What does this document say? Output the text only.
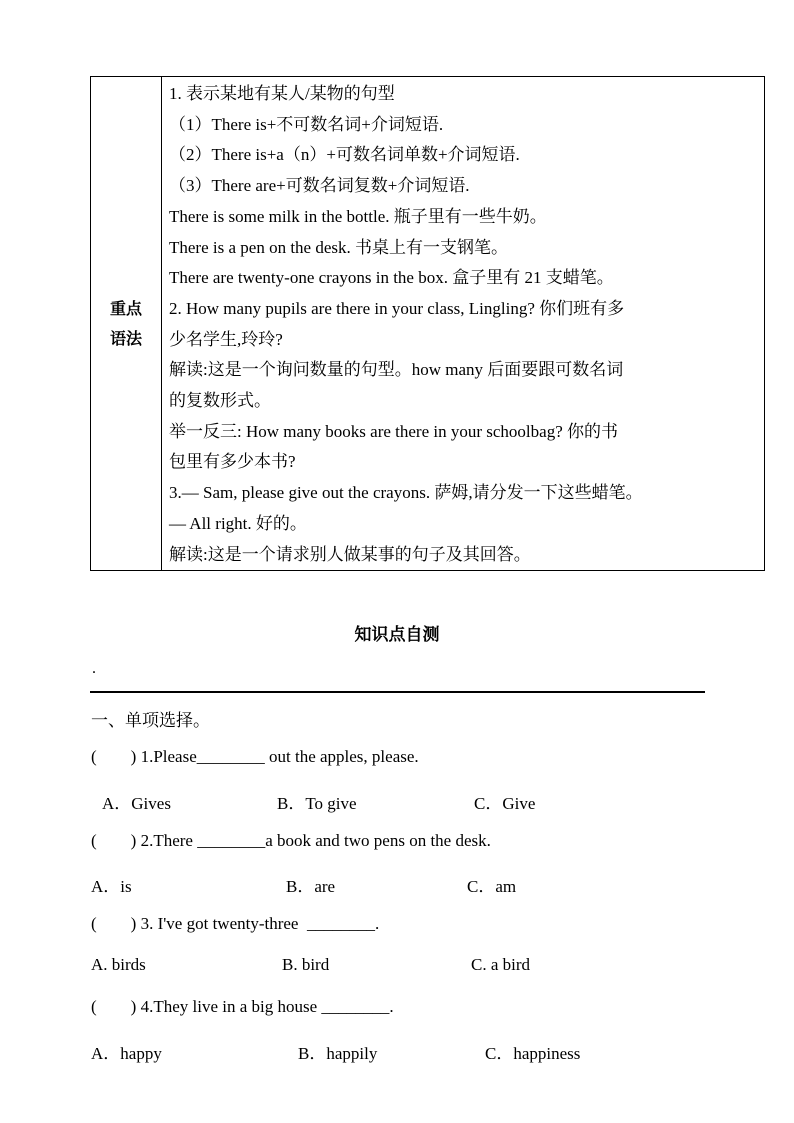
重点
语法

1. 表示某地有某人/某物的句型
（1）There is+不可数名词+介词短语.
（2）There is+a（n）+可数名词单数+介词短语.
（3）There are+可数名词复数+介词短语.
There is some milk in the bottle. 瓶子里有一些牛奶。
There is a pen on the desk. 书桌上有一支钢笔。
There are twenty-one crayons in the box. 盒子里有 21 支蜡笔。
2. How many pupils are there in your class, Lingling? 你们班有多
少名学生,玲玲?
解读:这是一个询问数量的句型。how many 后面要跟可数名词
的复数形式。
举一反三: How many books are there in your schoolbag? 你的书
包里有多少本书?
3.— Sam, please give out the crayons. 萨姆,请分发一下这些蜡笔。
— All right. 好的。
解读:这是一个请求别人做某事的句子及其回答。
知识点自测
.
一、单项选择。
(        ) 1.Please________ out the apples, please.
A．Gives	B．To give	C．Give
(        ) 2.There ________a book and two pens on the desk.
A．is	B．are	C．am
(        ) 3. I've got twenty-three  ________.
A. birds	B. bird	C. a bird
(        ) 4.They live in a big house ________.
A．happy	B．happily	C．happiness
